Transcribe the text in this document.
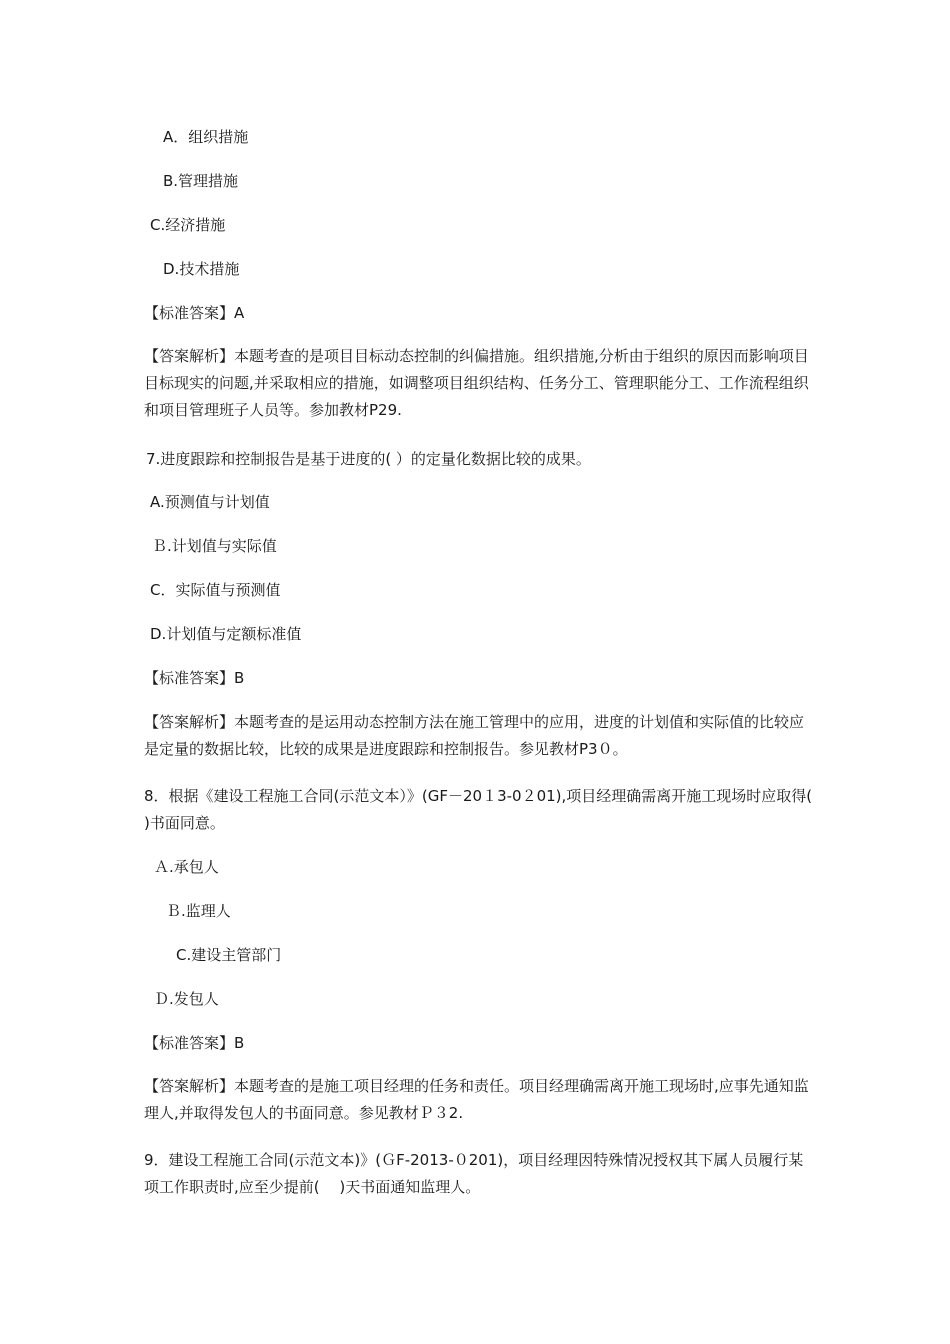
A．组织措施
B.管理措施
C.经济措施
D.技术措施
【标准答案】A
【答案解析】本题考查的是项目目标动态控制的纠偏措施。组织措施,分析由于组织的原因而影响项目目标现实的问题,并采取相应的措施，如调整项目组织结构、任务分工、管理职能分工、工作流程组织和项目管理班子人员等。参加教材P29.
7.进度跟踪和控制报告是基于进度的( ）的定量化数据比较的成果。
A.预测值与计划值
Ｂ.计划值与实际值
C．实际值与预测值
D.计划值与定额标准值
【标准答案】B
【答案解析】本题考查的是运用动态控制方法在施工管理中的应用，进度的计划值和实际值的比较应是定量的数据比较，比较的成果是进度跟踪和控制报告。参见教材P3０。
8．根据《建设工程施工合同(示范文本）》(GF－20１3-0２01),项目经理确需离开施工现场时应取得( )书面同意。
Ａ.承包人
Ｂ.监理人
C.建设主管部门
Ｄ.发包人
【标准答案】B
【答案解析】本题考查的是施工项目经理的任务和责任。项目经理确需离开施工现场时,应事先通知监理人,并取得发包人的书面同意。参见教材Ｐ３2.
9．建设工程施工合同(示范文本)》(ＧF-2013-０201)，项目经理因特殊情况授权其下属人员履行某项工作职责时,应至少提前(　 )天书面通知监理人。
